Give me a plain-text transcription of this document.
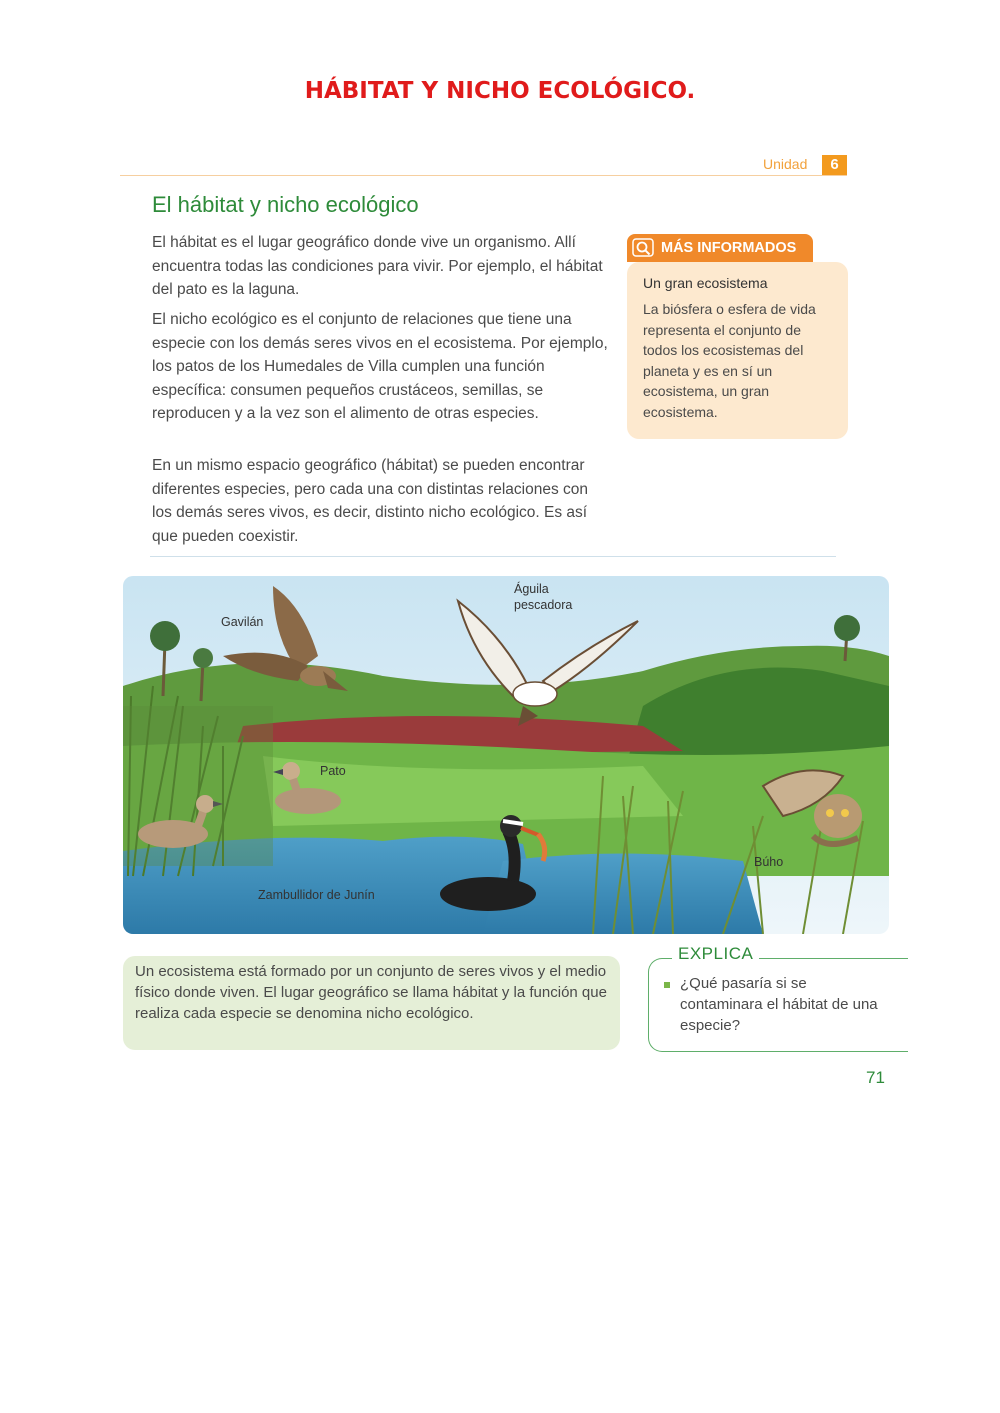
HÁBITAT Y NICHO ECOLÓGICO.
Unidad	6
El hábitat y nicho ecológico

El hábitat es el lugar geográfico donde vive un organismo. Allí encuentra todas las condiciones para vivir. Por ejemplo, el hábitat del pato es la laguna.

El nicho ecológico es el conjunto de relaciones que tiene una especie con los demás seres vivos en el ecosistema. Por ejemplo, los patos de los Humedales de Villa cumplen una función específica: consumen pequeños crustáceos, semillas, se reproducen y a la vez son el alimento de otras especies.

En un mismo espacio geográfico (hábitat) se pueden encontrar diferentes especies, pero cada una con distintas relaciones con los demás seres vivos, es decir, distinto nicho ecológico. Es así que pueden coexistir.

MÁS INFORMADOS
Un gran ecosistema

La biósfera o esfera de vida representa el conjunto de todos los ecosistemas del planeta y es en sí un ecosistema, un gran ecosistema.

Gavilán
Águila pescadora
Pato
Búho
Zambullidor de Junín
Un ecosistema está formado por un conjunto de seres vivos y el medio físico donde viven. El lugar geográfico se llama hábitat y la función que realiza cada especie se denomina nicho ecológico.
EXPLICA

¿Qué pasaría si se contaminara el hábitat de una especie?

71
